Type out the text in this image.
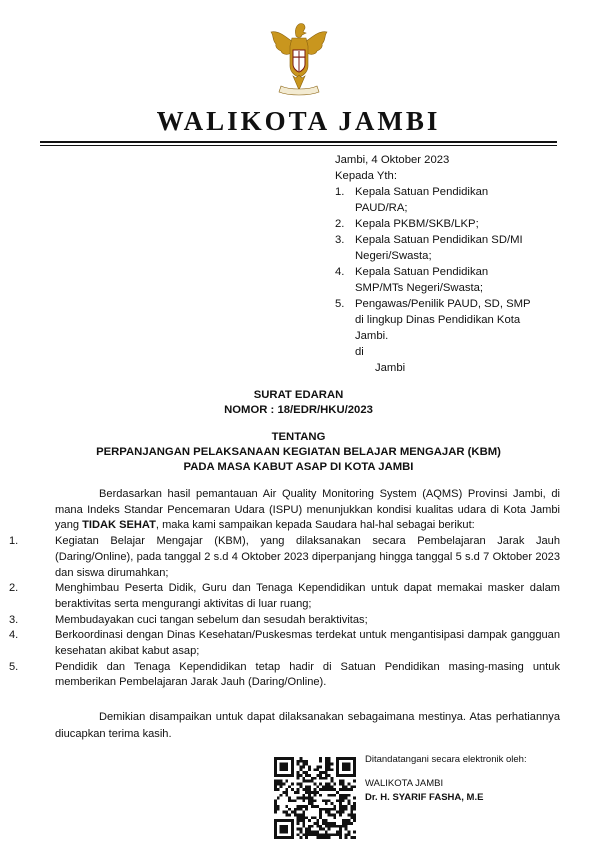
WALIKOTA JAMBI
Jambi, 4 Oktober 2023
Kepada Yth:
1. Kepala Satuan Pendidikan
PAUD/RA;
2. Kepala PKBM/SKB/LKP;
3. Kepala Satuan Pendidikan SD/MI
Negeri/Swasta;
4. Kepala Satuan Pendidikan
SMP/MTs Negeri/Swasta;
5. Pengawas/Penilik PAUD, SD, SMP
di lingkup Dinas Pendidikan Kota
Jambi.
di
Jambi
SURAT EDARAN
NOMOR : 18/EDR/HKU/2023
TENTANG
PERPANJANGAN PELAKSANAAN KEGIATAN BELAJAR MENGAJAR (KBM)
PADA MASA KABUT ASAP DI KOTA JAMBI

Berdasarkan hasil pemantauan Air Quality Monitoring System (AQMS) Provinsi Jambi, di mana Indeks Standar Pencemaran Udara (ISPU) menunjukkan kondisi kualitas udara di Kota Jambi yang TIDAK SEHAT, maka kami sampaikan kepada Saudara hal-hal sebagai berikut:

1.	Kegiatan Belajar Mengajar (KBM), yang dilaksanakan secara Pembelajaran Jarak Jauh (Daring/Online), pada tanggal 2 s.d 4 Oktober 2023 diperpanjang hingga tanggal 5 s.d 7 Oktober 2023 dan siswa dirumahkan;
2.	Menghimbau Peserta Didik, Guru dan Tenaga Kependidikan untuk dapat memakai masker dalam beraktivitas serta mengurangi aktivitas di luar ruang;
3.	Membudayakan cuci tangan sebelum dan sesudah beraktivitas;
4.	Berkoordinasi dengan Dinas Kesehatan/Puskesmas terdekat untuk mengantisipasi dampak gangguan kesehatan akibat kabut asap;
5.	Pendidik dan Tenaga Kependidikan tetap hadir di Satuan Pendidikan masing-masing untuk memberikan Pembelajaran Jarak Jauh (Daring/Online).
Demikian disampaikan untuk dapat dilaksanakan sebagaimana mestinya. Atas perhatiannya diucapkan terima kasih.
Ditandatangani secara elektronik oleh:
WALIKOTA JAMBI
Dr. H. SYARIF FASHA, M.E
